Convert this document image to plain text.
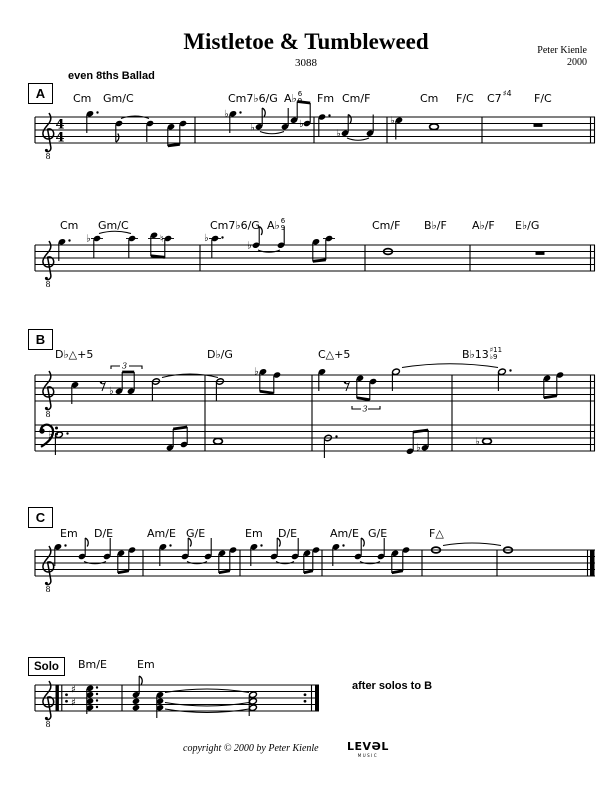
8
4
4
♭
♭	♭
♭
♭
♭	♮	♭
♭
♭
3
♭
3
♭
♭
♭
♯
♯
Mistletoe & Tumbleweed
3088
Peter Kienle
2000
even 8ths Ballad
A
B
C
Solo
after solos to B
Cm Gm/C	Cm7♭6/G A♭ 6
9 Fm Cm/F	Cm F/C C7 ♯4 F/C
Cm Gm/C	Cm7♭6/G A♭ 6
9	Cm/F B♭/F A♭/F E♭/G
D♭△+5	D♭/G	C△+5	B♭13 ♯11
♭9
Em D/E	Am/E G/E	Em D/E	Am/E G/E	F△
Bm/E	Em
copyright © 2000 by Peter Kienle	LEVƏL
MUSIC
